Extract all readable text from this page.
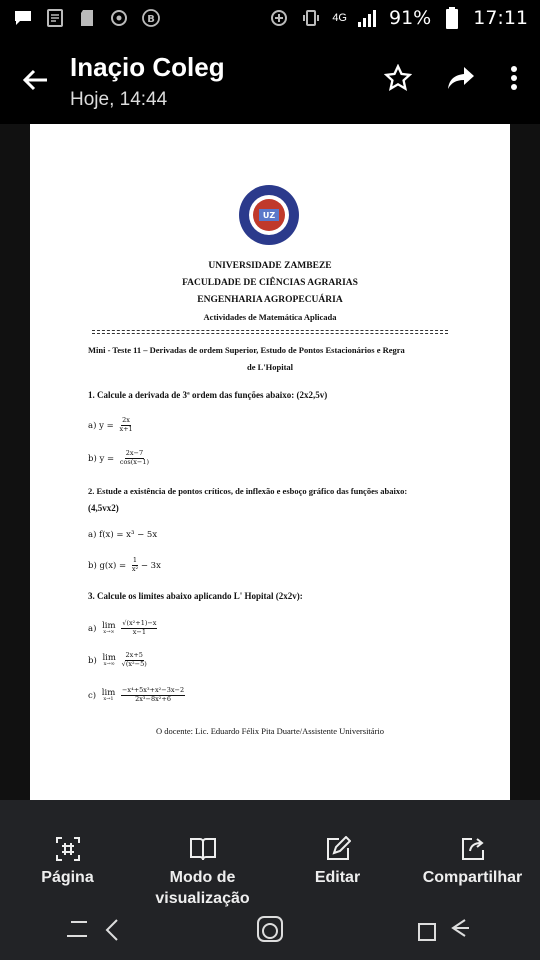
B	4G 91% 17:11
Inaçio Coleg
Hoje, 14:44
UZ
UNIVERSIDADE ZAMBEZE
FACULDADE DE CIÊNCIAS AGRARIAS
ENGENHARIA AGROPECUÁRIA
Actividades de Matemática Aplicada
Mini - Teste 11 – Derivadas de ordem Superior, Estudo de Pontos Estacionários e Regra
de L'Hopital
1. Calcule a derivada de 3ª ordem das funções abaixo: (2x2,5v)
a) $y = \frac{2x}{x+1}$
b) $y = \frac{2x-7}{\cos(x-1)}$
2. Estude a existência de pontos críticos, de inflexão e esboço gráfico das funções abaixo:
(4,5vx2)
a) f(x) = x³ − 5x
b) $g(x) = \frac{1}{\text{x²}} - 3x$
3. Calcule os limites abaixo aplicando L' Hopital (2x2v):
a) lim
x→∞
$\frac{\text{√(x²+1)−x}}{x-1}$
b) lim
x→∞
$\frac{2x+5}{\text{√(x²−5)}}$
c) lim
x→1
$\frac{\text{−x⁴+5x³+x²−3x−2}}{\text{2x³−8x²+6}}$
O docente: Lic. Eduardo Félix Pita Duarte/Assistente Universitário
Página	Modo de visualização
Editar	Compartilhar
